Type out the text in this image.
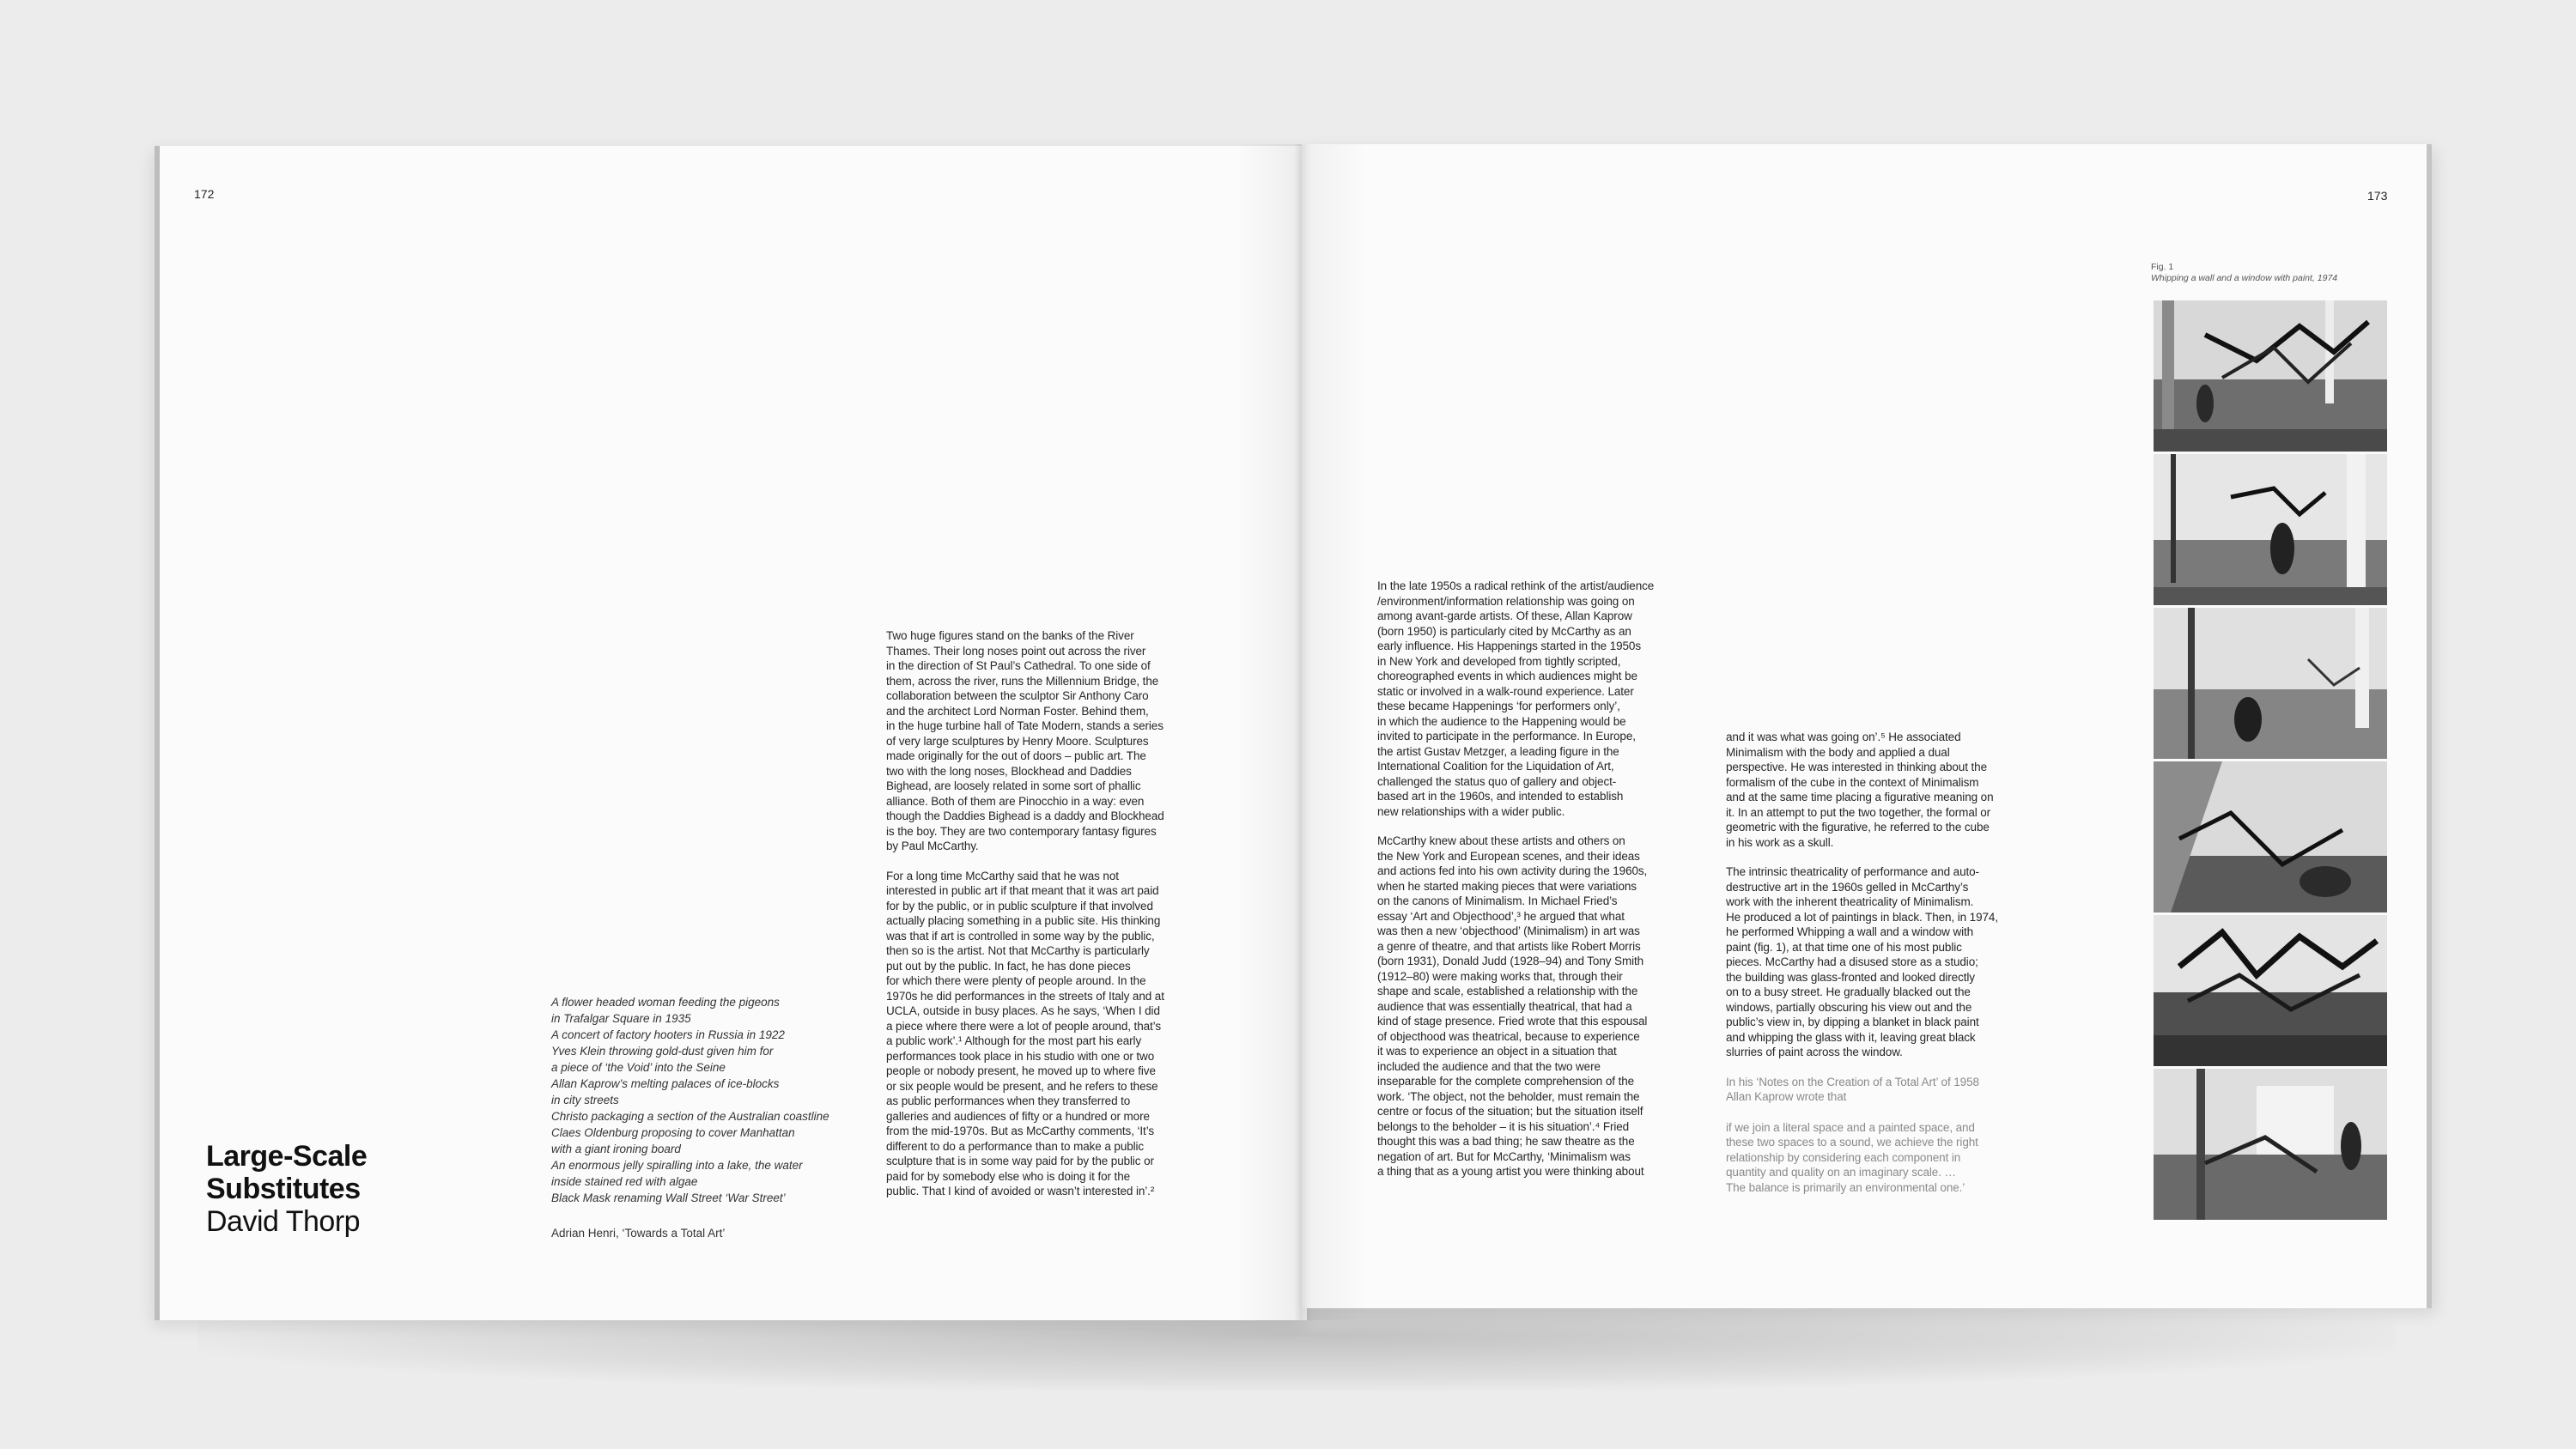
172	173
Large-Scale
Substitutes
David Thorp
A flower headed woman feeding the pigeons
in Trafalgar Square in 1935
A concert of factory hooters in Russia in 1922
Yves Klein throwing gold-dust given him for
a piece of ‘the Void’ into the Seine
Allan Kaprow’s melting palaces of ice-blocks
in city streets
Christo packaging a section of the Australian coastline
Claes Oldenburg proposing to cover Manhattan
with a giant ironing board
An enormous jelly spiralling into a lake, the water
inside stained red with algae
Black Mask renaming Wall Street ‘War Street’
Adrian Henri, ‘Towards a Total Art’

Two huge figures stand on the banks of the River
Thames. Their long noses point out across the river
in the direction of St Paul’s Cathedral. To one side of
them, across the river, runs the Millennium Bridge, the
collaboration between the sculptor Sir Anthony Caro
and the architect Lord Norman Foster. Behind them,
in the huge turbine hall of Tate Modern, stands a series
of very large sculptures by Henry Moore. Sculptures
made originally for the out of doors – public art. The
two with the long noses, Blockhead and Daddies
Bighead, are loosely related in some sort of phallic
alliance. Both of them are Pinocchio in a way: even
though the Daddies Bighead is a daddy and Blockhead
is the boy. They are two contemporary fantasy figures
by Paul McCarthy.

For a long time McCarthy said that he was not
interested in public art if that meant that it was art paid
for by the public, or in public sculpture if that involved
actually placing something in a public site. His thinking
was that if art is controlled in some way by the public,
then so is the artist. Not that McCarthy is particularly
put out by the public. In fact, he has done pieces
for which there were plenty of people around. In the
1970s he did performances in the streets of Italy and at
UCLA, outside in busy places. As he says, ‘When I did
a piece where there were a lot of people around, that’s
a public work’.¹ Although for the most part his early
performances took place in his studio with one or two
people or nobody present, he moved up to where five
or six people would be present, and he refers to these
as public performances when they transferred to
galleries and audiences of fifty or a hundred or more
from the mid-1970s. But as McCarthy comments, ‘It’s
different to do a performance than to make a public
sculpture that is in some way paid for by the public or
paid for by somebody else who is doing it for the
public. That I kind of avoided or wasn’t interested in’.²

In the late 1950s a radical rethink of the artist/audience
/environment/information relationship was going on
among avant-garde artists. Of these, Allan Kaprow
(born 1950) is particularly cited by McCarthy as an
early influence. His Happenings started in the 1950s
in New York and developed from tightly scripted,
choreographed events in which audiences might be
static or involved in a walk-round experience. Later
these became Happenings ‘for performers only’,
in which the audience to the Happening would be
invited to participate in the performance. In Europe,
the artist Gustav Metzger, a leading figure in the
International Coalition for the Liquidation of Art,
challenged the status quo of gallery and object-
based art in the 1960s, and intended to establish
new relationships with a wider public.

McCarthy knew about these artists and others on
the New York and European scenes, and their ideas
and actions fed into his own activity during the 1960s,
when he started making pieces that were variations
on the canons of Minimalism. In Michael Fried’s
essay ‘Art and Objecthood’,³ he argued that what
was then a new ‘objecthood’ (Minimalism) in art was
a genre of theatre, and that artists like Robert Morris
(born 1931), Donald Judd (1928–94) and Tony Smith
(1912–80) were making works that, through their
shape and scale, established a relationship with the
audience that was essentially theatrical, that had a
kind of stage presence. Fried wrote that this espousal
of objecthood was theatrical, because to experience
it was to experience an object in a situation that
included the audience and that the two were
inseparable for the complete comprehension of the
work. ‘The object, not the beholder, must remain the
centre or focus of the situation; but the situation itself
belongs to the beholder – it is his situation’.⁴ Fried
thought this was a bad thing; he saw theatre as the
negation of art. But for McCarthy, ‘Minimalism was
a thing that as a young artist you were thinking about

and it was what was going on’.⁵ He associated
Minimalism with the body and applied a dual
perspective. He was interested in thinking about the
formalism of the cube in the context of Minimalism
and at the same time placing a figurative meaning on
it. In an attempt to put the two together, the formal or
geometric with the figurative, he referred to the cube
in his work as a skull.

The intrinsic theatricality of performance and auto-
destructive art in the 1960s gelled in McCarthy’s
work with the inherent theatricality of Minimalism.
He produced a lot of paintings in black. Then, in 1974,
he performed Whipping a wall and a window with
paint (fig. 1), at that time one of his most public
pieces. McCarthy had a disused store as a studio;
the building was glass-fronted and looked directly
on to a busy street. He gradually blacked out the
windows, partially obscuring his view out and the
public’s view in, by dipping a blanket in black paint
and whipping the glass with it, leaving great black
slurries of paint across the window.

In his ‘Notes on the Creation of a Total Art’ of 1958
Allan Kaprow wrote that

if we join a literal space and a painted space, and
these two spaces to a sound, we achieve the right
relationship by considering each component in
quantity and quality on an imaginary scale. …
The balance is primarily an environmental one.’

Fig. 1
Whipping a wall and a window with paint, 1974
